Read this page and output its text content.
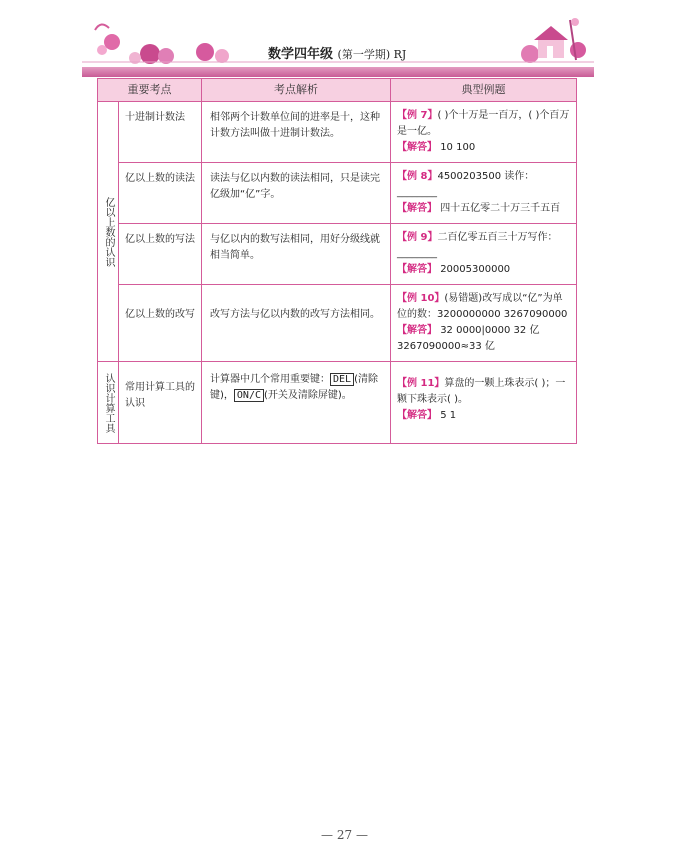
数学四年级 (第一学期) RJ
重要考点		考点解析	典型例题

亿以上数的认识	十进制计数法	相邻两个计数单位间的进率是十，这种计数方法叫做十进制计数法。	【例 7】( )个十万是一百万，( )个百万是一亿。
【解答】 10 100
	亿以上数的读法	读法与亿以内数的读法相同，只是读完亿级加“亿”字。	【例 8】4500203500 读作：________
【解答】 四十五亿零二十万三千五百
	亿以上数的写法	与亿以内的数写法相同，用好分级线就相当简单。	【例 9】二百亿零五百三十万写作：________
【解答】 20005300000
	亿以上数的改写	改写方法与亿以内数的改写方法相同。	【例 10】(易错题)改写成以“亿”为单位的数：3200000000 3267090000
【解答】 32 0000|0000 32 亿 3267090000≈33 亿

认识计算工具	常用计算工具的认识	计算器中几个常用重要键： DEL (清除键)， ON/C (开关及清除屏键)。	【例 11】算盘的一颗上珠表示( )；一颗下珠表示( )。
【解答】 5 1
— 27 —
